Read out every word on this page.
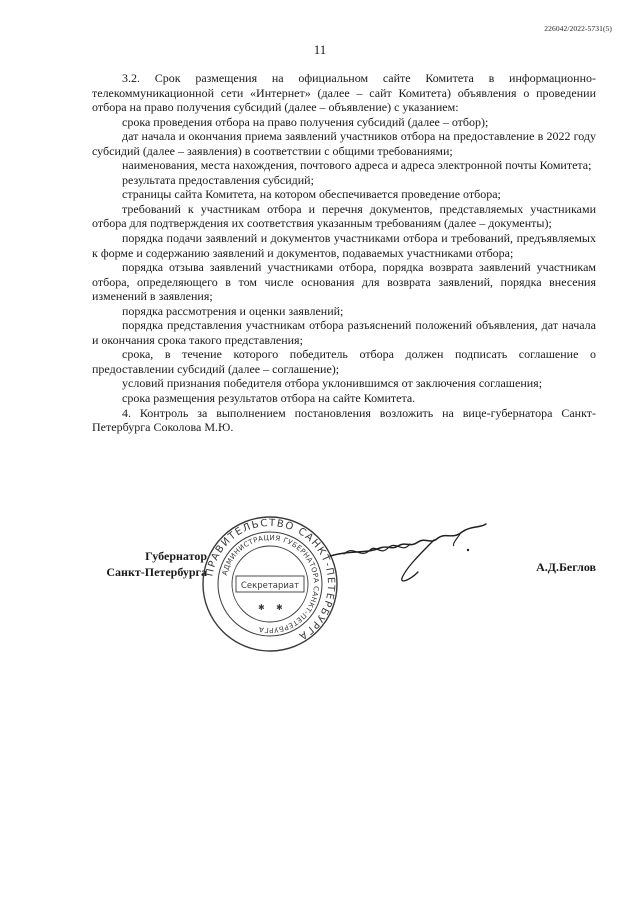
226042/2022-5731(5)
11

3.2. Срок размещения на официальном сайте Комитета в информационно-телекоммуникационной сети «Интернет» (далее – сайт Комитета) объявления о проведении отбора на право получения субсидий (далее – объявление) с указанием:

срока проведения отбора на право получения субсидий (далее – отбор);

дат начала и окончания приема заявлений участников отбора на предоставление в 2022 году субсидий (далее – заявления) в соответствии с общими требованиями;

наименования, места нахождения, почтового адреса и адреса электронной почты Комитета;

результата предоставления субсидий;

страницы сайта Комитета, на котором обеспечивается проведение отбора;

требований к участникам отбора и перечня документов, представляемых участниками отбора для подтверждения их соответствия указанным требованиям (далее – документы);

порядка подачи заявлений и документов участниками отбора и требований, предъявляемых к форме и содержанию заявлений и документов, подаваемых участниками отбора;

порядка отзыва заявлений участниками отбора, порядка возврата заявлений участникам отбора, определяющего в том числе основания для возврата заявлений, порядка внесения изменений в заявления;

порядка рассмотрения и оценки заявлений;

порядка представления участникам отбора разъяснений положений объявления, дат начала и окончания срока такого представления;

срока, в течение которого победитель отбора должен подписать соглашение о предоставлении субсидий (далее – соглашение);

условий признания победителя отбора уклонившимся от заключения соглашения;

срока размещения результатов отбора на сайте Комитета.

4. Контроль за выполнением постановления возложить на вице-губернатора Санкт-Петербурга Соколова М.Ю.

Губернатор
Санкт-Петербурга
ПРАВИТЕЛЬСТВО САНКТ-ПЕТЕРБУРГА
АДМИНИСТРАЦИЯ ГУБЕРНАТОРА САНКТ-ПЕТЕРБУРГА
Секретариат
✱ ✱
А.Д.Беглов
